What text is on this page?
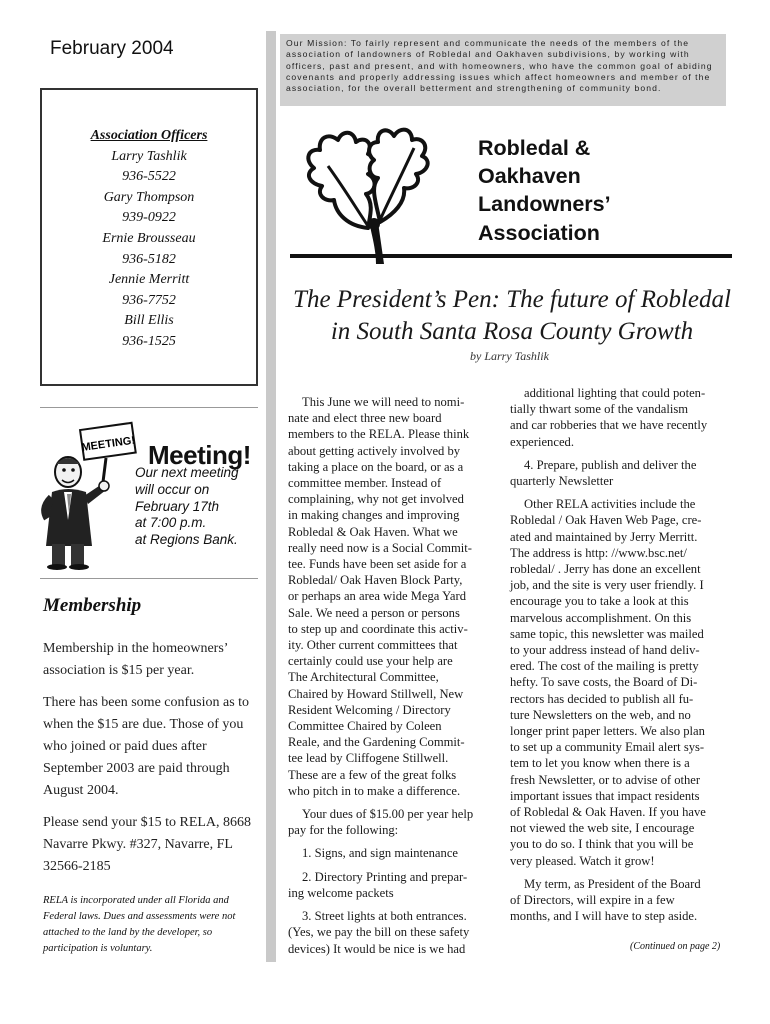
February 2004
Association Officers
Larry Tashlik
936-5522
Gary Thompson
939-0922
Ernie Brousseau
936-5182
Jennie Merritt
936-7752
Bill Ellis
936-1525
MEETING! Meeting!
Our next meeting
will occur on
February 17th
at 7:00 p.m.
at Regions Bank.
Membership

Membership in the homeowners’ association is $15 per year.

There has been some confusion as to when the $15 are due. Those of you who joined or paid dues after September 2003 are paid through August 2004.

Please send your $15 to RELA, 8668 Navarre Pkwy. #327, Navarre, FL 32566-2185

RELA is incorporated under all Florida and Federal laws. Dues and assessments were not attached to the land by the developer, so participation is voluntary.
Our Mission: To fairly represent and communicate the needs of the members of the association of landowners of Robledal and Oakhaven subdivisions, by working with officers, past and present, and with homeowners, who have the common goal of abiding covenants and properly addressing issues which affect homeowners and member of the association, for the overall betterment and strengthening of community bond.
Robledal &
Oakhaven
Landowners’
Association
The President’s Pen: The future of Robledal
in South Santa Rosa County Growth
by Larry Tashlik

This June we will need to nomi-
nate and elect three new board
members to the RELA. Please think
about getting actively involved by
taking a place on the board, or as a
committee member. Instead of
complaining, why not get involved
in making changes and improving
Robledal & Oak Haven. What we
really need now is a Social Commit-
tee. Funds have been set aside for a
Robledal/ Oak Haven Block Party,
or perhaps an area wide Mega Yard
Sale. We need a person or persons
to step up and coordinate this activ-
ity. Other current committees that
certainly could use your help are
The Architectural Committee,
Chaired by Howard Stillwell, New
Resident Welcoming / Directory
Committee Chaired by Coleen
Reale, and the Gardening Commit-
tee lead by Cliffogene Stillwell.
These are a few of the great folks
who pitch in to make a difference.

Your dues of $15.00 per year help
pay for the following:

1. Signs, and sign maintenance

2. Directory Printing and prepar-
ing welcome packets

3. Street lights at both entrances.
(Yes, we pay the bill on these safety
devices) It would be nice is we had

additional lighting that could poten-
tially thwart some of the vandalism
and car robberies that we have recently
experienced.

4. Prepare, publish and deliver the
quarterly Newsletter

Other RELA activities include the
Robledal / Oak Haven Web Page, cre-
ated and maintained by Jerry Merritt.
The address is http: //www.bsc.net/
robledal/ . Jerry has done an excellent
job, and the site is very user friendly. I
encourage you to take a look at this
marvelous accomplishment. On this
same topic, this newsletter was mailed
to your address instead of hand deliv-
ered. The cost of the mailing is pretty
hefty. To save costs, the Board of Di-
rectors has decided to publish all fu-
ture Newsletters on the web, and no
longer print paper letters. We also plan
to set up a community Email alert sys-
tem to let you know when there is a
fresh Newsletter, or to advise of other
important issues that impact residents
of Robledal & Oak Haven. If you have
not viewed the web site, I encourage
you to do so. I think that you will be
very pleased. Watch it grow!

My term, as President of the Board
of Directors, will expire in a few
months, and I will have to step aside.

(Continued on page 2)
